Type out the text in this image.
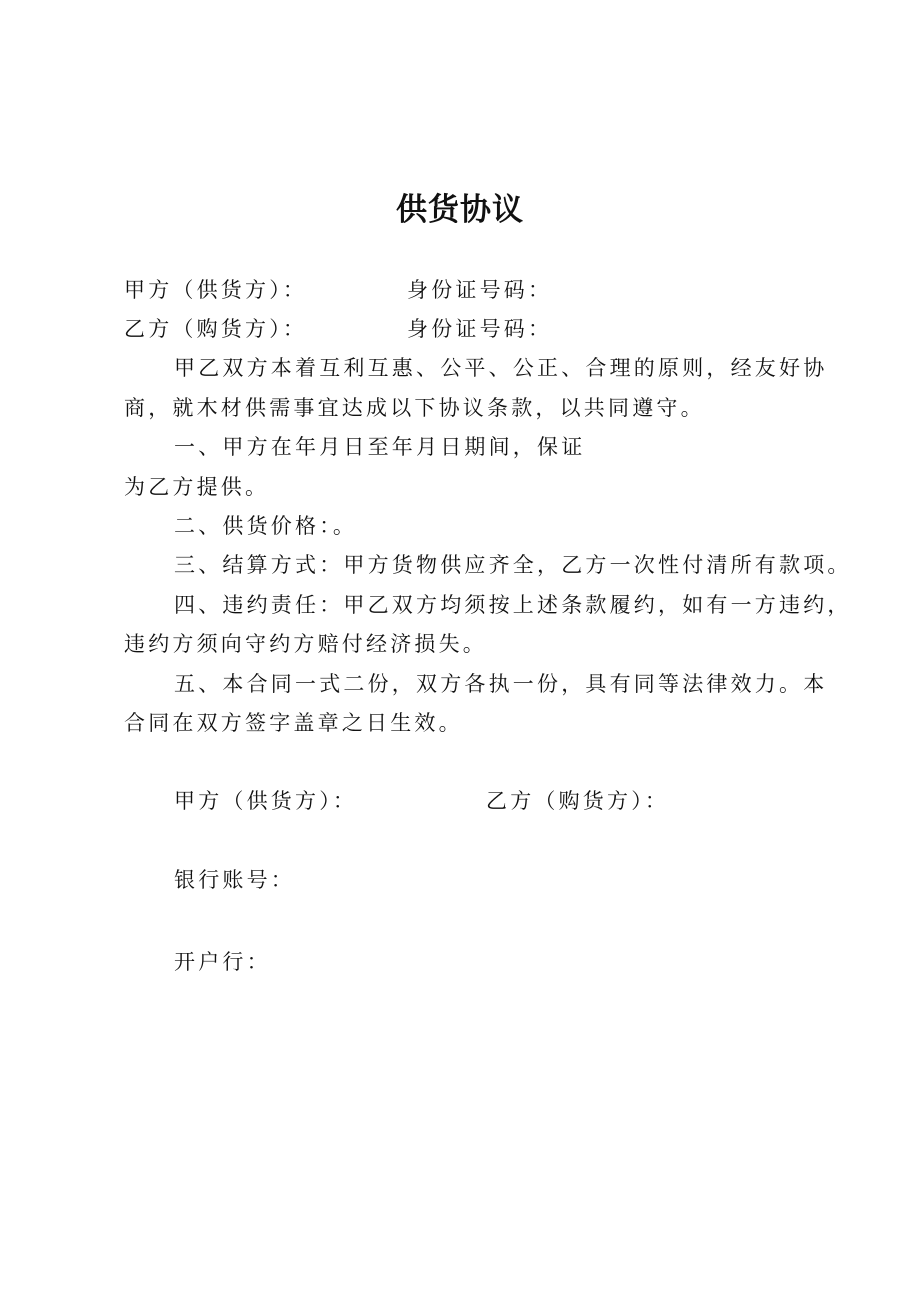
供货协议
甲方（供货方）：	身份证号码：
乙方（购货方）：	身份证号码：
甲乙双方本着互利互惠、公平、公正、合理的原则，经友好协
商，就木材供需事宜达成以下协议条款，以共同遵守。
一、甲方在年月日至年月日期间，保证
为乙方提供。
二、供货价格：。
三、结算方式：甲方货物供应齐全，乙方一次性付清所有款项。
四、违约责任：甲乙双方均须按上述条款履约，如有一方违约，
违约方须向守约方赔付经济损失。
五、本合同一式二份，双方各执一份，具有同等法律效力。本
合同在双方签字盖章之日生效。
甲方（供货方）：	乙方（购货方）：
银行账号：
开户行：
